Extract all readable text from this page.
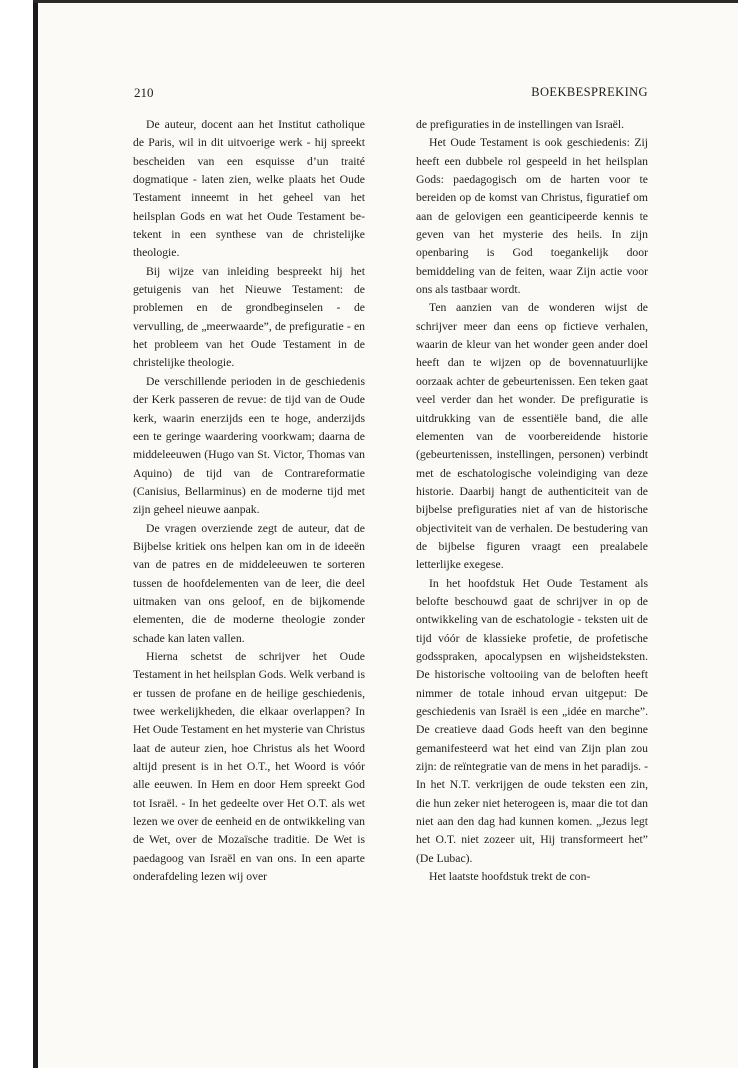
210	BOEKBESPREKING

De auteur, docent aan het Institut catholique de Paris, wil in dit uitvoerige werk - hij spreekt bescheiden van een esquisse d’un traité dogmatique - laten zien, welke plaats het Oude Testament inneemt in het geheel van het heilsplan Gods en wat het Oude Testament betekent in een synthese van de christelijke theologie.

Bij wijze van inleiding bespreekt hij het getuigenis van het Nieuwe Testament: de problemen en de grondbeginselen - de vervulling, de „meerwaarde”, de prefiguratie - en het probleem van het Oude Testament in de christelijke theologie.

De verschillende perioden in de geschiedenis der Kerk passeren de revue: de tijd van de Oude kerk, waarin enerzijds een te hoge, anderzijds een te geringe waardering voorkwam; daarna de middeleeuwen (Hugo van St. Victor, Thomas van Aquino) de tijd van de Contrareformatie (Canisius, Bellarminus) en de moderne tijd met zijn geheel nieuwe aanpak.

De vragen overziende zegt de auteur, dat de Bijbelse kritiek ons helpen kan om in de ideeën van de patres en de middeleeuwen te sorteren tussen de hoofdelementen van de leer, die deel uitmaken van ons geloof, en de bijkomende elementen, die de moderne theologie zonder schade kan laten vallen.

Hierna schetst de schrijver het Oude Testament in het heilsplan Gods. Welk verband is er tussen de profane en de heilige geschiedenis, twee werkelijkheden, die elkaar overlappen? In Het Oude Testament en het mysterie van Christus laat de auteur zien, hoe Christus als het Woord altijd present is in het O.T., het Woord is vóór alle eeuwen. In Hem en door Hem spreekt God tot Israël. - In het gedeelte over Het O.T. als wet lezen we over de eenheid en de ontwikkeling van de Wet, over de Mozaïsche traditie. De Wet is paedagoog van Israël en van ons. In een aparte onderafdeling lezen wij over

de prefiguraties in de instellingen van Israël.

Het Oude Testament is ook geschiedenis: Zij heeft een dubbele rol gespeeld in het heilsplan Gods: paedagogisch om de harten voor te bereiden op de komst van Christus, figuratief om aan de gelovigen een geanticipeerde kennis te geven van het mysterie des heils. In zijn openbaring is God toegankelijk door bemiddeling van de feiten, waar Zijn actie voor ons als tastbaar wordt.

Ten aanzien van de wonderen wijst de schrijver meer dan eens op fictieve verhalen, waarin de kleur van het wonder geen ander doel heeft dan te wijzen op de bovennatuurlijke oorzaak achter de gebeurtenissen. Een teken gaat veel verder dan het wonder. De prefiguratie is uitdrukking van de essentiële band, die alle elementen van de voorbereidende historie (gebeurtenissen, instellingen, personen) verbindt met de eschatologische voleindiging van deze historie. Daarbij hangt de authenticiteit van de bijbelse prefiguraties niet af van de historische objectiviteit van de verhalen. De bestudering van de bijbelse figuren vraagt een prealabele letterlijke exegese.

In het hoofdstuk Het Oude Testament als belofte beschouwd gaat de schrijver in op de ontwikkeling van de eschatologie - teksten uit de tijd vóór de klassieke profetie, de profetische godsspraken, apocalypsen en wijsheidsteksten. De historische voltooiing van de beloften heeft nimmer de totale inhoud ervan uitgeput: De geschiedenis van Israël is een „idée en marche”. De creatieve daad Gods heeft van den beginne gemanifesteerd wat het eind van Zijn plan zou zijn: de reïntegratie van de mens in het paradijs. - In het N.T. verkrijgen de oude teksten een zin, die hun zeker niet heterogeen is, maar die tot dan niet aan den dag had kunnen komen. „Jezus legt het O.T. niet zozeer uit, Hij transformeert het” (De Lubac).

Het laatste hoofdstuk trekt de con-
